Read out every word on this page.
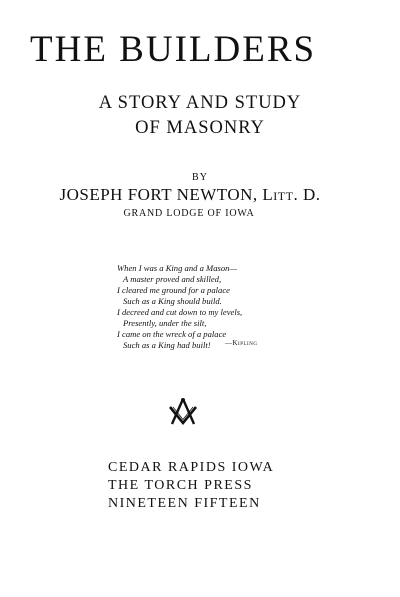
THE BUILDERS
A STORY AND STUDY
OF MASONRY
BY
JOSEPH FORT NEWTON, Litt. D.
GRAND LODGE OF IOWA
When I was a King and a Mason—
A master proved and skilled,
I cleared me ground for a palace
Such as a King should build.
I decreed and cut down to my levels,
Presently, under the silt,
I came on the wreck of a palace
Such as a King had built!	—Kipling
CEDAR RAPIDS IOWA
THE TORCH PRESS
NINETEEN FIFTEEN
